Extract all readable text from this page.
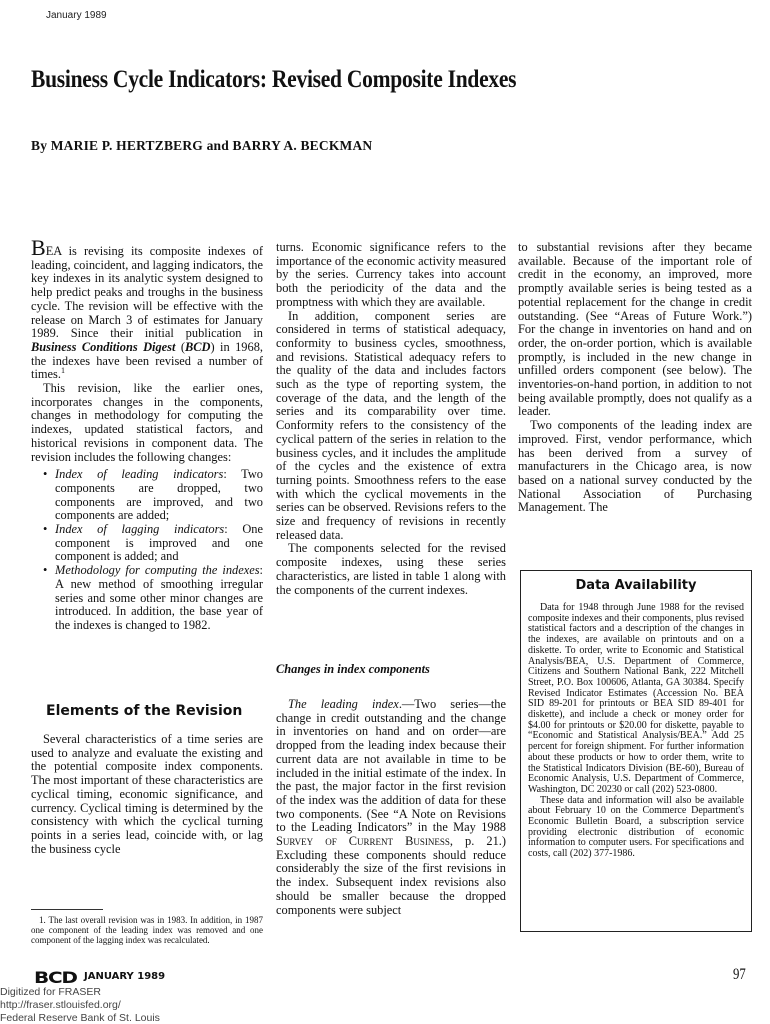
January 1989
Business Cycle Indicators: Revised Composite Indexes
By MARIE P. HERTZBERG and BARRY A. BECKMAN

BEA is revising its composite indexes of leading, coincident, and lagging indicators, the key indexes in its analytic system designed to help predict peaks and troughs in the business cycle. The revision will be effective with the release on March 3 of estimates for January 1989. Since their initial publication in Business Conditions Digest (BCD) in 1968, the indexes have been revised a number of times.$^1$

This revision, like the earlier ones, incorporates changes in the components, changes in methodology for computing the indexes, updated statistical factors, and historical revisions in component data. The revision includes the following changes:

• Index of leading indicators: Two components are dropped, two components are improved, and two components are added;
• Index of lagging indicators: One component is improved and one component is added; and
• Methodology for computing the indexes: A new method of smoothing irregular series and some other minor changes are introduced. In addition, the base year of the indexes is changed to 1982.
Elements of the Revision

Several characteristics of a time series are used to analyze and evaluate the existing and the potential composite index components. The most important of these characteristics are cyclical timing, economic significance, and currency. Cyclical timing is determined by the consistency with which the cyclical turning points in a series lead, coincide with, or lag the business cycle

1. The last overall revision was in 1983. In addition, in 1987 one component of the leading index was removed and one component of the lagging index was recalculated.

turns. Economic significance refers to the importance of the economic activity measured by the series. Currency takes into account both the periodicity of the data and the promptness with which they are available.

In addition, component series are considered in terms of statistical adequacy, conformity to business cycles, smoothness, and revisions. Statistical adequacy refers to the quality of the data and includes factors such as the type of reporting system, the coverage of the data, and the length of the series and its comparability over time. Conformity refers to the consistency of the cyclical pattern of the series in relation to the business cycles, and it includes the amplitude of the cycles and the existence of extra turning points. Smoothness refers to the ease with which the cyclical movements in the series can be observed. Revisions refers to the size and frequency of revisions in recently released data.

The components selected for the revised composite indexes, using these series characteristics, are listed in table 1 along with the components of the current indexes.

Changes in index components

The leading index.—Two series—the change in credit outstanding and the change in inventories on hand and on order—are dropped from the leading index because their current data are not available in time to be included in the initial estimate of the index. In the past, the major factor in the first revision of the index was the addition of data for these two components. (See “A Note on Revisions to the Leading Indicators” in the May 1988 Survey of Current Business, p. 21.) Excluding these components should reduce considerably the size of the first revisions in the index. Subsequent index revisions also should be smaller because the dropped components were subject

to substantial revisions after they became available. Because of the important role of credit in the economy, an improved, more promptly available series is being tested as a potential replacement for the change in credit outstanding. (See “Areas of Future Work.”) For the change in inventories on hand and on order, the on-order portion, which is available promptly, is included in the new change in unfilled orders component (see below). The inventories-on-hand portion, in addition to not being available promptly, does not qualify as a leader.

Two components of the leading index are improved. First, vendor performance, which has been derived from a survey of manufacturers in the Chicago area, is now based on a national survey conducted by the National Association of Purchasing Management. The

Data Availability

Data for 1948 through June 1988 for the revised composite indexes and their components, plus revised statistical factors and a description of the changes in the indexes, are available on printouts and on a diskette. To order, write to Economic and Statistical Analysis/BEA, U.S. Department of Commerce, Citizens and Southern National Bank, 222 Mitchell Street, P.O. Box 100606, Atlanta, GA 30384. Specify Revised Indicator Estimates (Accession No. BEA SID 89-201 for printouts or BEA SID 89-401 for diskette), and include a check or money order for $4.00 for printouts or $20.00 for diskette, payable to “Economic and Statistical Analysis/BEA.” Add 25 percent for foreign shipment. For further information about these products or how to order them, write to the Statistical Indicators Division (BE-60), Bureau of Economic Analysis, U.S. Department of Commerce, Washington, DC 20230 or call (202) 523-0800.

These data and information will also be available about February 10 on the Commerce Department's Economic Bulletin Board, a subscription service providing electronic distribution of economic information to computer users. For specifications and costs, call (202) 377-1986.

BCD JANUARY 1989	97
Digitized for FRASER
http://fraser.stlouisfed.org/
Federal Reserve Bank of St. Louis
